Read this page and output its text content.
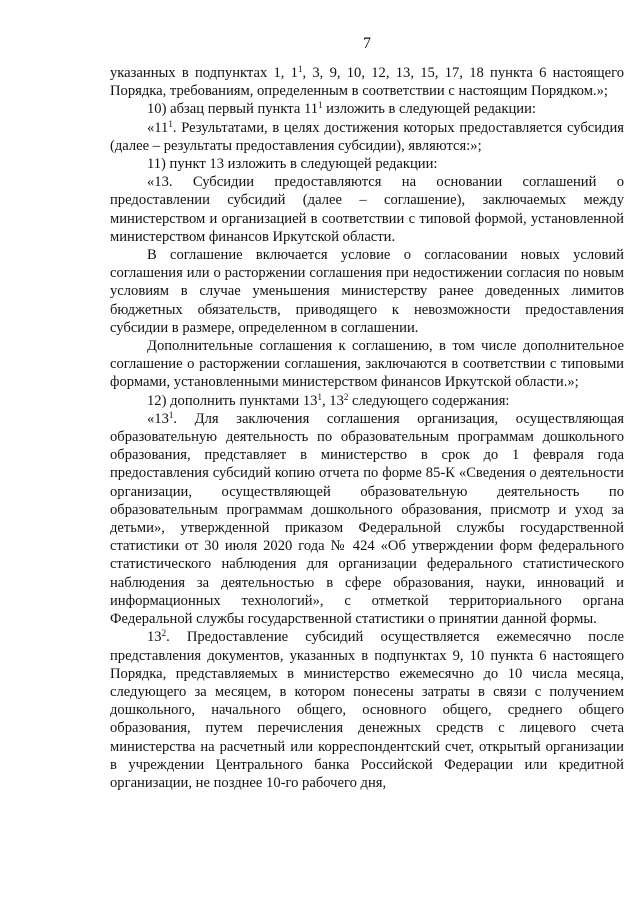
7

указанных в подпунктах 1, $1^1$, 3, 9, 10, 12, 13, 15, 17, 18 пункта 6 настоящего Порядка, требованиям, определенным в соответствии с настоящим Порядком.»;

10) абзац первый пункта $11^1$ изложить в следующей редакции:

«$11^1$. Результатами, в целях достижения которых предоставляется субсидия (далее – результаты предоставления субсидии), являются:»;

11) пункт 13 изложить в следующей редакции:

«13. Субсидии предоставляются на основании соглашений о предоставлении субсидий (далее – соглашение), заключаемых между министерством и организацией в соответствии с типовой формой, установленной министерством финансов Иркутской области.

В соглашение включается условие о согласовании новых условий соглашения или о расторжении соглашения при недостижении согласия по новым условиям в случае уменьшения министерству ранее доведенных лимитов бюджетных обязательств, приводящего к невозможности предоставления субсидии в размере, определенном в соглашении.

Дополнительные соглашения к соглашению, в том числе дополнительное соглашение о расторжении соглашения, заключаются в соответствии с типовыми формами, установленными министерством финансов Иркутской области.»;

12) дополнить пунктами $13^1$, $13^2$ следующего содержания:

«$13^1$. Для заключения соглашения организация, осуществляющая образовательную деятельность по образовательным программам дошкольного образования, представляет в министерство в срок до 1 февраля года предоставления субсидий копию отчета по форме 85-К «Сведения о деятельности организации, осуществляющей образовательную деятельность по образовательным программам дошкольного образования, присмотр и уход за детьми», утвержденной приказом Федеральной службы государственной статистики от 30 июля 2020 года № 424 «Об утверждении форм федерального статистического наблюдения для организации федерального статистического наблюдения за деятельностью в сфере образования, науки, инноваций и информационных технологий», с отметкой территориального органа Федеральной службы государственной статистики о принятии данной формы.

$13^2$. Предоставление субсидий осуществляется ежемесячно после представления документов, указанных в подпунктах 9, 10 пункта 6 настоящего Порядка, представляемых в министерство ежемесячно до 10 числа месяца, следующего за месяцем, в котором понесены затраты в связи с получением дошкольного, начального общего, основного общего, среднего общего образования, путем перечисления денежных средств с лицевого счета министерства на расчетный или корреспондентский счет, открытый организации в учреждении Центрального банка Российской Федерации или кредитной организации, не позднее 10-го рабочего дня,
